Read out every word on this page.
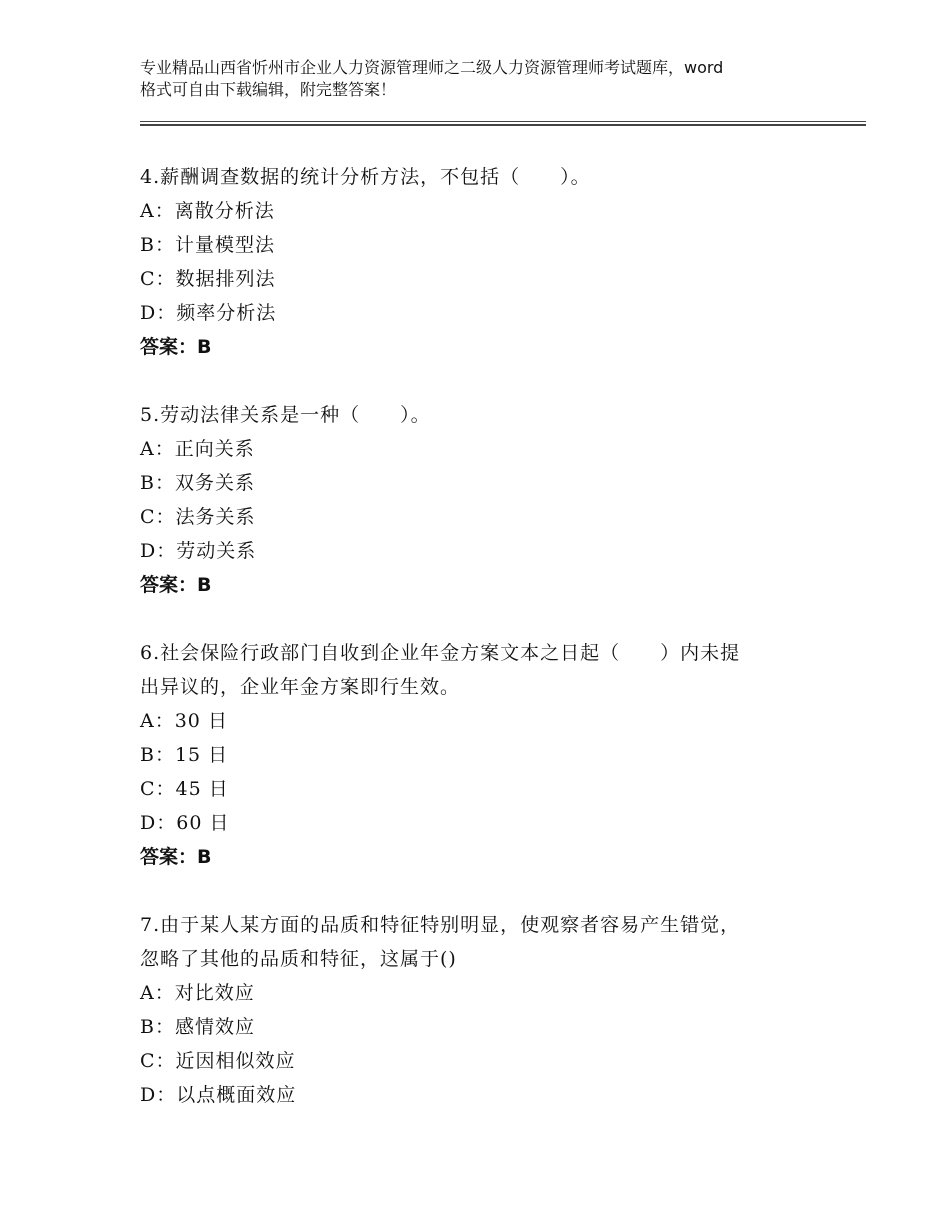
专业精品山西省忻州市企业人力资源管理师之二级人力资源管理师考试题库，word
格式可自由下载编辑，附完整答案！
4.薪酬调查数据的统计分析方法，不包括（　　）。
A：离散分析法
B：计量模型法
C：数据排列法
D：频率分析法
答案：B
5.劳动法律关系是一种（　　）。
A：正向关系
B：双务关系
C：法务关系
D：劳动关系
答案：B
6.社会保险行政部门自收到企业年金方案文本之日起（　　）内未提
出异议的，企业年金方案即行生效。
A：30 日
B：15 日
C：45 日
D：60 日
答案：B
7.由于某人某方面的品质和特征特别明显，使观察者容易产生错觉，
忽略了其他的品质和特征，这属于()
A：对比效应
B：感情效应
C：近因相似效应
D：以点概面效应
